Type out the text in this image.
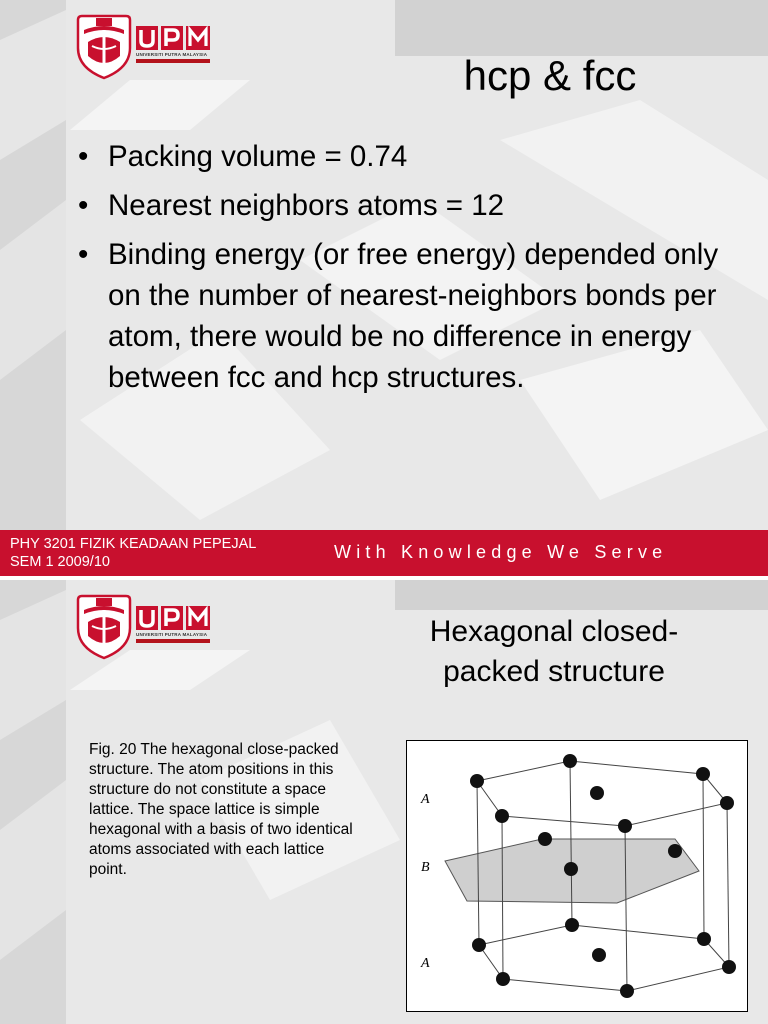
UNIVERSITI PUTRA MALAYSIA	hcp & fcc
• Packing volume = 0.74
• Nearest neighbors atoms = 12
• Binding energy (or free energy) depended only on the number of nearest-neighbors bonds per atom, there would be no difference in energy between fcc and hcp structures.
PHY 3201 FIZIK KEADAAN PEPEJAL
SEM 1 2009/10	With Knowledge We Serve
UNIVERSITI PUTRA MALAYSIA	Hexagonal closed-
packed structure
Fig. 20 The hexagonal close-packed structure. The atom positions in this structure do not constitute a space lattice. The space lattice is simple hexagonal with a basis of two identical atoms associated with each lattice point.
A
B
A
